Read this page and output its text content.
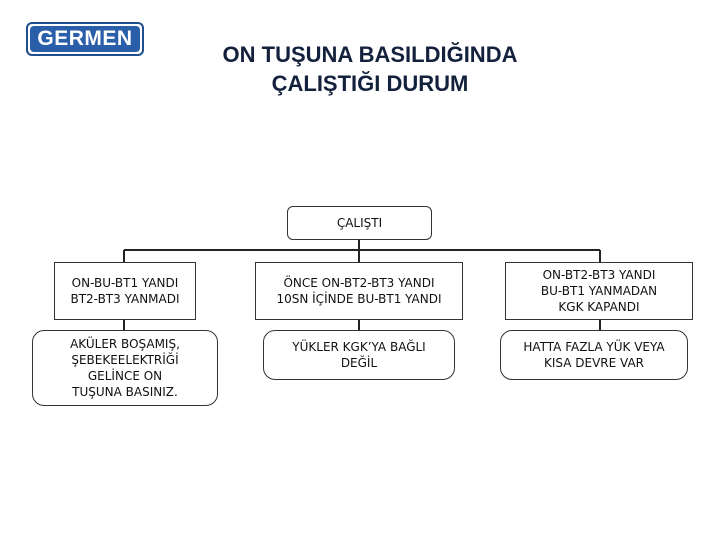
GERMEN
ON TUŞUNA BASILDIĞINDA
ÇALIŞTIĞI DURUM
ÇALIŞTI
ON-BU-BT1 YANDI
BT2-BT3 YANMADI
ÖNCE ON-BT2-BT3 YANDI
10SN İÇİNDE BU-BT1 YANDI
ON-BT2-BT3 YANDI
BU-BT1 YANMADAN
KGK KAPANDI
AKÜLER BOŞAMIŞ,
ŞEBEKEELEKTRİĞİ
GELİNCE ON
TUŞUNA BASINIZ.
YÜKLER KGK’YA BAĞLI
DEĞİL
HATTA FAZLA YÜK VEYA
KISA DEVRE VAR
